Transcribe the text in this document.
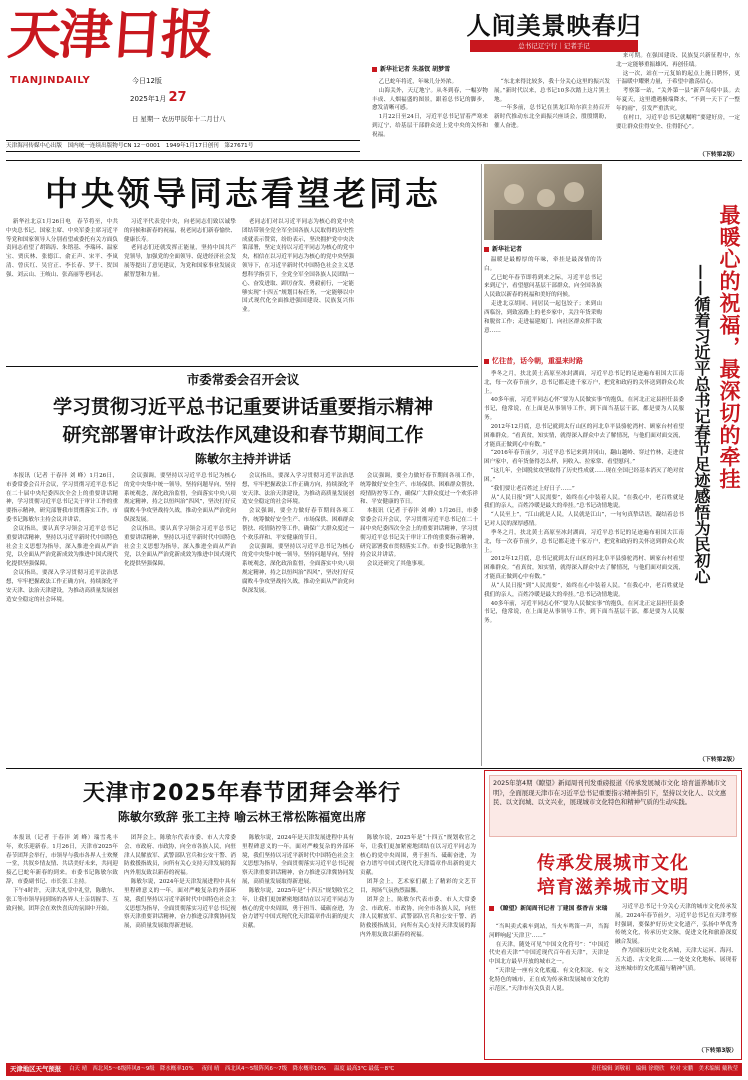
天津日报
TIANJINDAILY	今日12版
2025年1月 27
日 星期一 农历甲辰年十二月廿八
天津海河传媒中心出版　国内统一连续出版物号CN 12－0001　1949年1月17日创刊　第27671号
人间美景映春归
总书记辽宁行｜记者手记
新华社记者 朱基钗 胡梦雪

乙巳蛇年将近，年味儿分外浓。

山海关外，天辽地宁。从冬到春，一幅岁物丰成、人烟福盛的图景，跟着总书记的脚步，愈发清晰可感。

1月22日至24日，习近平总书记冒着严寒来到辽宁，给基层干部群众送上党中央的关怀和祝福。

“东北来得比较多，我十分关心这里的振兴发展。”新时代以来，总书记10多次踏上这片黑土地。

一年多前，总书记在黑龙江哈尔滨主持召开新时代推动东北全面振兴座谈会，殷殷期盼，催人奋进。

来可期。在强国建设、民族复兴新征程中，东北一定能够重振雄风、再创佳绩。

这一次，站在一元复始的起点上施日聘怀，更于温暖中耀聚力量，于希望中激荡信心。

考察第一站，“关外第一县”新芦岛绥中县。去年夏天，这里遭遇极端降水，“不到一天下了一整年的雨”，引发严重洪灾。

在村口，习近平总书记就嘱咐“要建好房，一定要让群众住得安全、住得舒心”。

（下转第2版）
中央领导同志看望老同志

新华社北京1月26日电　春节将至，中共中央总书记、国家主席、中央军委主席习近平等党和国家领导人分别看望或委托有关方面负责同志看望了胡锦涛、朱镕基、李瑞环、温家宝、贾庆林、张德江、俞正声、宋平、李岚清、曾庆红、吴官正、李长春、罗干、贺国强、刘云山、王岐山、张高丽等老同志。

习近平代表党中央，向老同志们致以诚挚的问候和新春的祝福，祝老同志们新春愉快、健康长寿。

老同志们还就发挥正能量，坚持中国共产党领导，加强党的全面领导、促进经济社会发展等提出了意见建议，为党和国家事业发展贡献智慧和力量。

老同志们对以习近平同志为核心的党中央团结带领全党全军全国各族人民取得的历史性成就表示赞赏，纷纷表示，坚决拥护党中央决策部署，坚定支持以习近平同志为核心的党中央，相信在以习近平同志为核心的党中央坚强领导下，在习近平新时代中国特色社会主义思想科学指引下，全党全军全国各族人民团结一心、奋发进取、踔厉奋发、勇毅前行，一定能够实现“十四五”规划目标任务，一定能够以中国式现代化全面推进强国建设、民族复兴伟业。

新华社记者	最暖心的祝福，最深切的牵挂
——循着习近平总书记春节足迹感悟为民初心

温暖是最醇厚的年味，牵挂是最深情的告白。

乙巳蛇年春节即将到来之际，习近平总书记来到辽宁，看望慰问基层干部群众，向全国各族人民致以新春的祝福和美好的问候。

走进北京胡同、同居民一起包饺子；来到山西临汾，到致富路上的老乡家中，关注年货采购和脱贫工作；走进福建厦门、向社区群众挥手致意……

忆往昔，话今朝，重温来时路

季冬之月，扶北黄土高原至冰封湖面，习近平总书记的足迹遍布祖国大江南北，每一次春节前夕，总书记都走进千家万户，把党和政府的关怀送到群众心坎上。

40多年前，习近平同志心怀“要为人民做实事”的抱负，在河北正定县担任县委书记，他常说，在上面是从事领导工作，到下面当基层干部，都是要为人民服务。

2012年12月底，总书记就到太行山区的河北阜平县骆驼湾村、顾家台村看望困难群众。“看真贫，知实情，就得深入群众中去了解情况，与他们面对面交流，才能真正做到心中有数。”

“2016年春节前夕，习近平总书记来到井冈山，翻山越岭、穿过竹林，走进贫困户家中，看年货备得怎么样，问收入、拉家常、看望慰问。”

“这几年，全国脱贫攻坚取得了历史性成就……现在全国已经基本消灭了绝对贫困。”

“我们要让老百姓过上好日子……”

从“人民日报”到“人民需要”，始终在心中装着人民。“在我心中，老百姓就是我们的亲人，百姓冷暖是最大的牵挂。”总书记动情地说。

“人民至上”，“江山就是人民，人民就是江山”，一句句真挚话语，凝结着总书记对人民的深厚感情。

季冬之月，扶北黄土高原至冰封湖面，习近平总书记的足迹遍布祖国大江南北，每一次春节前夕，总书记都走进千家万户，把党和政府的关怀送到群众心坎上。

2012年12月底，总书记就到太行山区的河北阜平县骆驼湾村、顾家台村看望困难群众。“看真贫，知实情，就得深入群众中去了解情况，与他们面对面交流，才能真正做到心中有数。”

从“人民日报”到“人民需要”，始终在心中装着人民。“在我心中，老百姓就是我们的亲人，百姓冷暖是最大的牵挂。”总书记动情地说。

40多年前，习近平同志心怀“要为人民做实事”的抱负，在河北正定县担任县委书记，他常说，在上面是从事领导工作，到下面当基层干部，都是要为人民服务。

（下转第2版）
市委常委会召开会议
学习贯彻习近平总书记重要讲话重要指示精神
研究部署审计政法作风建设和春节期间工作
陈敏尔主持并讲话

本报讯（记者 于春沣 刘 峰）1月26日，市委常委会召开会议，学习贯彻习近平总书记在二十届中央纪委四次全会上的重要讲话精神，学习贯彻习近平总书记关于审计工作的重要指示精神，研究部署我市贯彻落实工作。市委书记陈敏尔主持会议并讲话。

会议指出，要认真学习领会习近平总书记重要讲话精神，坚持以习近平新时代中国特色社会主义思想为指导，深入推进全面从严治党，以全面从严治党新成效为推进中国式现代化提供坚强保障。

会议指出，要深入学习贯彻习近平法治思想，牢牢把握政法工作正确方向，持续深化平安天津、法治天津建设，为推动高质量发展创造安全稳定的社会环境。

会议强调，要坚持以习近平总书记为核心的党中央集中统一领导，坚持问题导向，坚持系统观念，深化政治监督，全面落实中央八项规定精神，持之以恒纠治“四风”，坚决打好反腐败斗争攻坚战持久战，推动全面从严治党向纵深发展。

会议指出，要认真学习领会习近平总书记重要讲话精神，坚持以习近平新时代中国特色社会主义思想为指导，深入推进全面从严治党，以全面从严治党新成效为推进中国式现代化提供坚强保障。

会议指出，要深入学习贯彻习近平法治思想，牢牢把握政法工作正确方向，持续深化平安天津、法治天津建设，为推动高质量发展创造安全稳定的社会环境。

会议强调，要全力做好春节期间各项工作，统筹做好安全生产、市场保供、困难群众帮扶、疫情防控等工作，确保广大群众度过一个欢乐祥和、平安健康的节日。

会议强调，要坚持以习近平总书记为核心的党中央集中统一领导，坚持问题导向，坚持系统观念，深化政治监督，全面落实中央八项规定精神，持之以恒纠治“四风”，坚决打好反腐败斗争攻坚战持久战，推动全面从严治党向纵深发展。

会议强调，要全力做好春节期间各项工作，统筹做好安全生产、市场保供、困难群众帮扶、疫情防控等工作，确保广大群众度过一个欢乐祥和、平安健康的节日。

本报讯（记者 于春沣 刘 峰）1月26日，市委常委会召开会议，学习贯彻习近平总书记在二十届中央纪委四次全会上的重要讲话精神，学习贯彻习近平总书记关于审计工作的重要指示精神，研究部署我市贯彻落实工作。市委书记陈敏尔主持会议并讲话。

会议还研究了其他事项。

天津市2025年春节团拜会举行
陈敏尔致辞 张工主持 喻云林王常松陈福宽出席

本报讯（记者 于春沣 刘 峰）瑞雪兆丰年，欢乐迎新春。1月26日，天津市2025年春节团拜会举行，市领导与我市各界人士欢聚一堂，共叙乡情友情、共话美好未来，共同迎接乙巳蛇年新春的到来。市委书记陈敏尔致辞，市委副书记、市长张工主持。

下午4时许，天津大礼堂中礼堂，陈敏尔、张工等市领导同到场的各界人士亲切握手、互致问候。团拜会在欢快喜庆的氛围中开始。

团拜会上，陈敏尔代表市委、市人大常委会、市政府、市政协，向全市各族人民，向驻津人民解放军、武警部队官兵和公安干警、消防救援指战员，向所有关心支持天津发展的海内外朋友致以新春的祝福。

陈敏尔说，2024年是天津发展进程中具有里程碑意义的一年。面对严峻复杂的外部环境，我们坚持以习近平新时代中国特色社会主义思想为指导，全面贯彻落实习近平总书记视察天津重要讲话精神，奋力推进京津冀协同发展，高质量发展取得新进展。

陈敏尔说，2024年是天津发展进程中具有里程碑意义的一年。面对严峻复杂的外部环境，我们坚持以习近平新时代中国特色社会主义思想为指导，全面贯彻落实习近平总书记视察天津重要讲话精神，奋力推进京津冀协同发展，高质量发展取得新进展。

陈敏尔说，2025年是“十四五”规划收官之年，让我们更加紧密地团结在以习近平同志为核心的党中央周围，勇于担当、砥砺奋进，为奋力谱写中国式现代化天津篇章作出新的更大贡献。

陈敏尔说，2025年是“十四五”规划收官之年，让我们更加紧密地团结在以习近平同志为核心的党中央周围，勇于担当、砥砺奋进，为奋力谱写中国式现代化天津篇章作出新的更大贡献。

团拜会上，艺术家们献上了精彩的文艺节目，现场气氛热烈温馨。

团拜会上，陈敏尔代表市委、市人大常委会、市政府、市政协，向全市各族人民，向驻津人民解放军、武警部队官兵和公安干警、消防救援指战员，向所有关心支持天津发展的海内外朋友致以新春的祝福。

2025年第4期《瞭望》新闻周刊刊发重磅报道《传承发展城市文化 培育滋养城市文明》，全面展现天津市在习近平总书记重要指示精神指引下，坚持以文化人、以文惠民、以文润城、以文兴业，展现城市文化特色和精神气质的生动实践。
传承发展城市文化
培育滋养城市文明
《瞭望》新闻周刊记者 丁建国 蔡香吉 宋瑞

“当叫卖式乘车到站，当火车鸣笛一声，当海河畔响起‘天津卫’……”

在天津，随处可见“中国文化符号”：“中国近代史看天津”“中国近现代百年看天津”，天津是中国北方最早开放的城市之一。

“天津是一座有文化底蕴、有文化积淀、有文化特色的城市，正在成为传承和发展城市文化的示范区。”天津市有关负责人说。

习近平总书记十分关心天津的城市文化传承发展。2024年春节前夕，习近平总书记在天津考察时强调，要保护好历史文化遗产，弘扬中华优秀传统文化，传承历史文脉，促进文化和旅游深度融合发展。

作为国家历史文化名城，天津大运河、海河、五大道、古文化街……一处处文化地标，展现着这座城市的文化底蕴与精神气质。

（下转第3版）
天津地区天气预报 白天 晴　西北风5～6级阵风8～9级　降水概率10% 夜间 晴　西北风4～5级阵风6～7级　降水概率10% 温度 最高3℃ 最低－8℃	责任编辑 刘敬祖　编辑 徐晓欣　校对 宋鹏　美术编辑 戴秋莹
